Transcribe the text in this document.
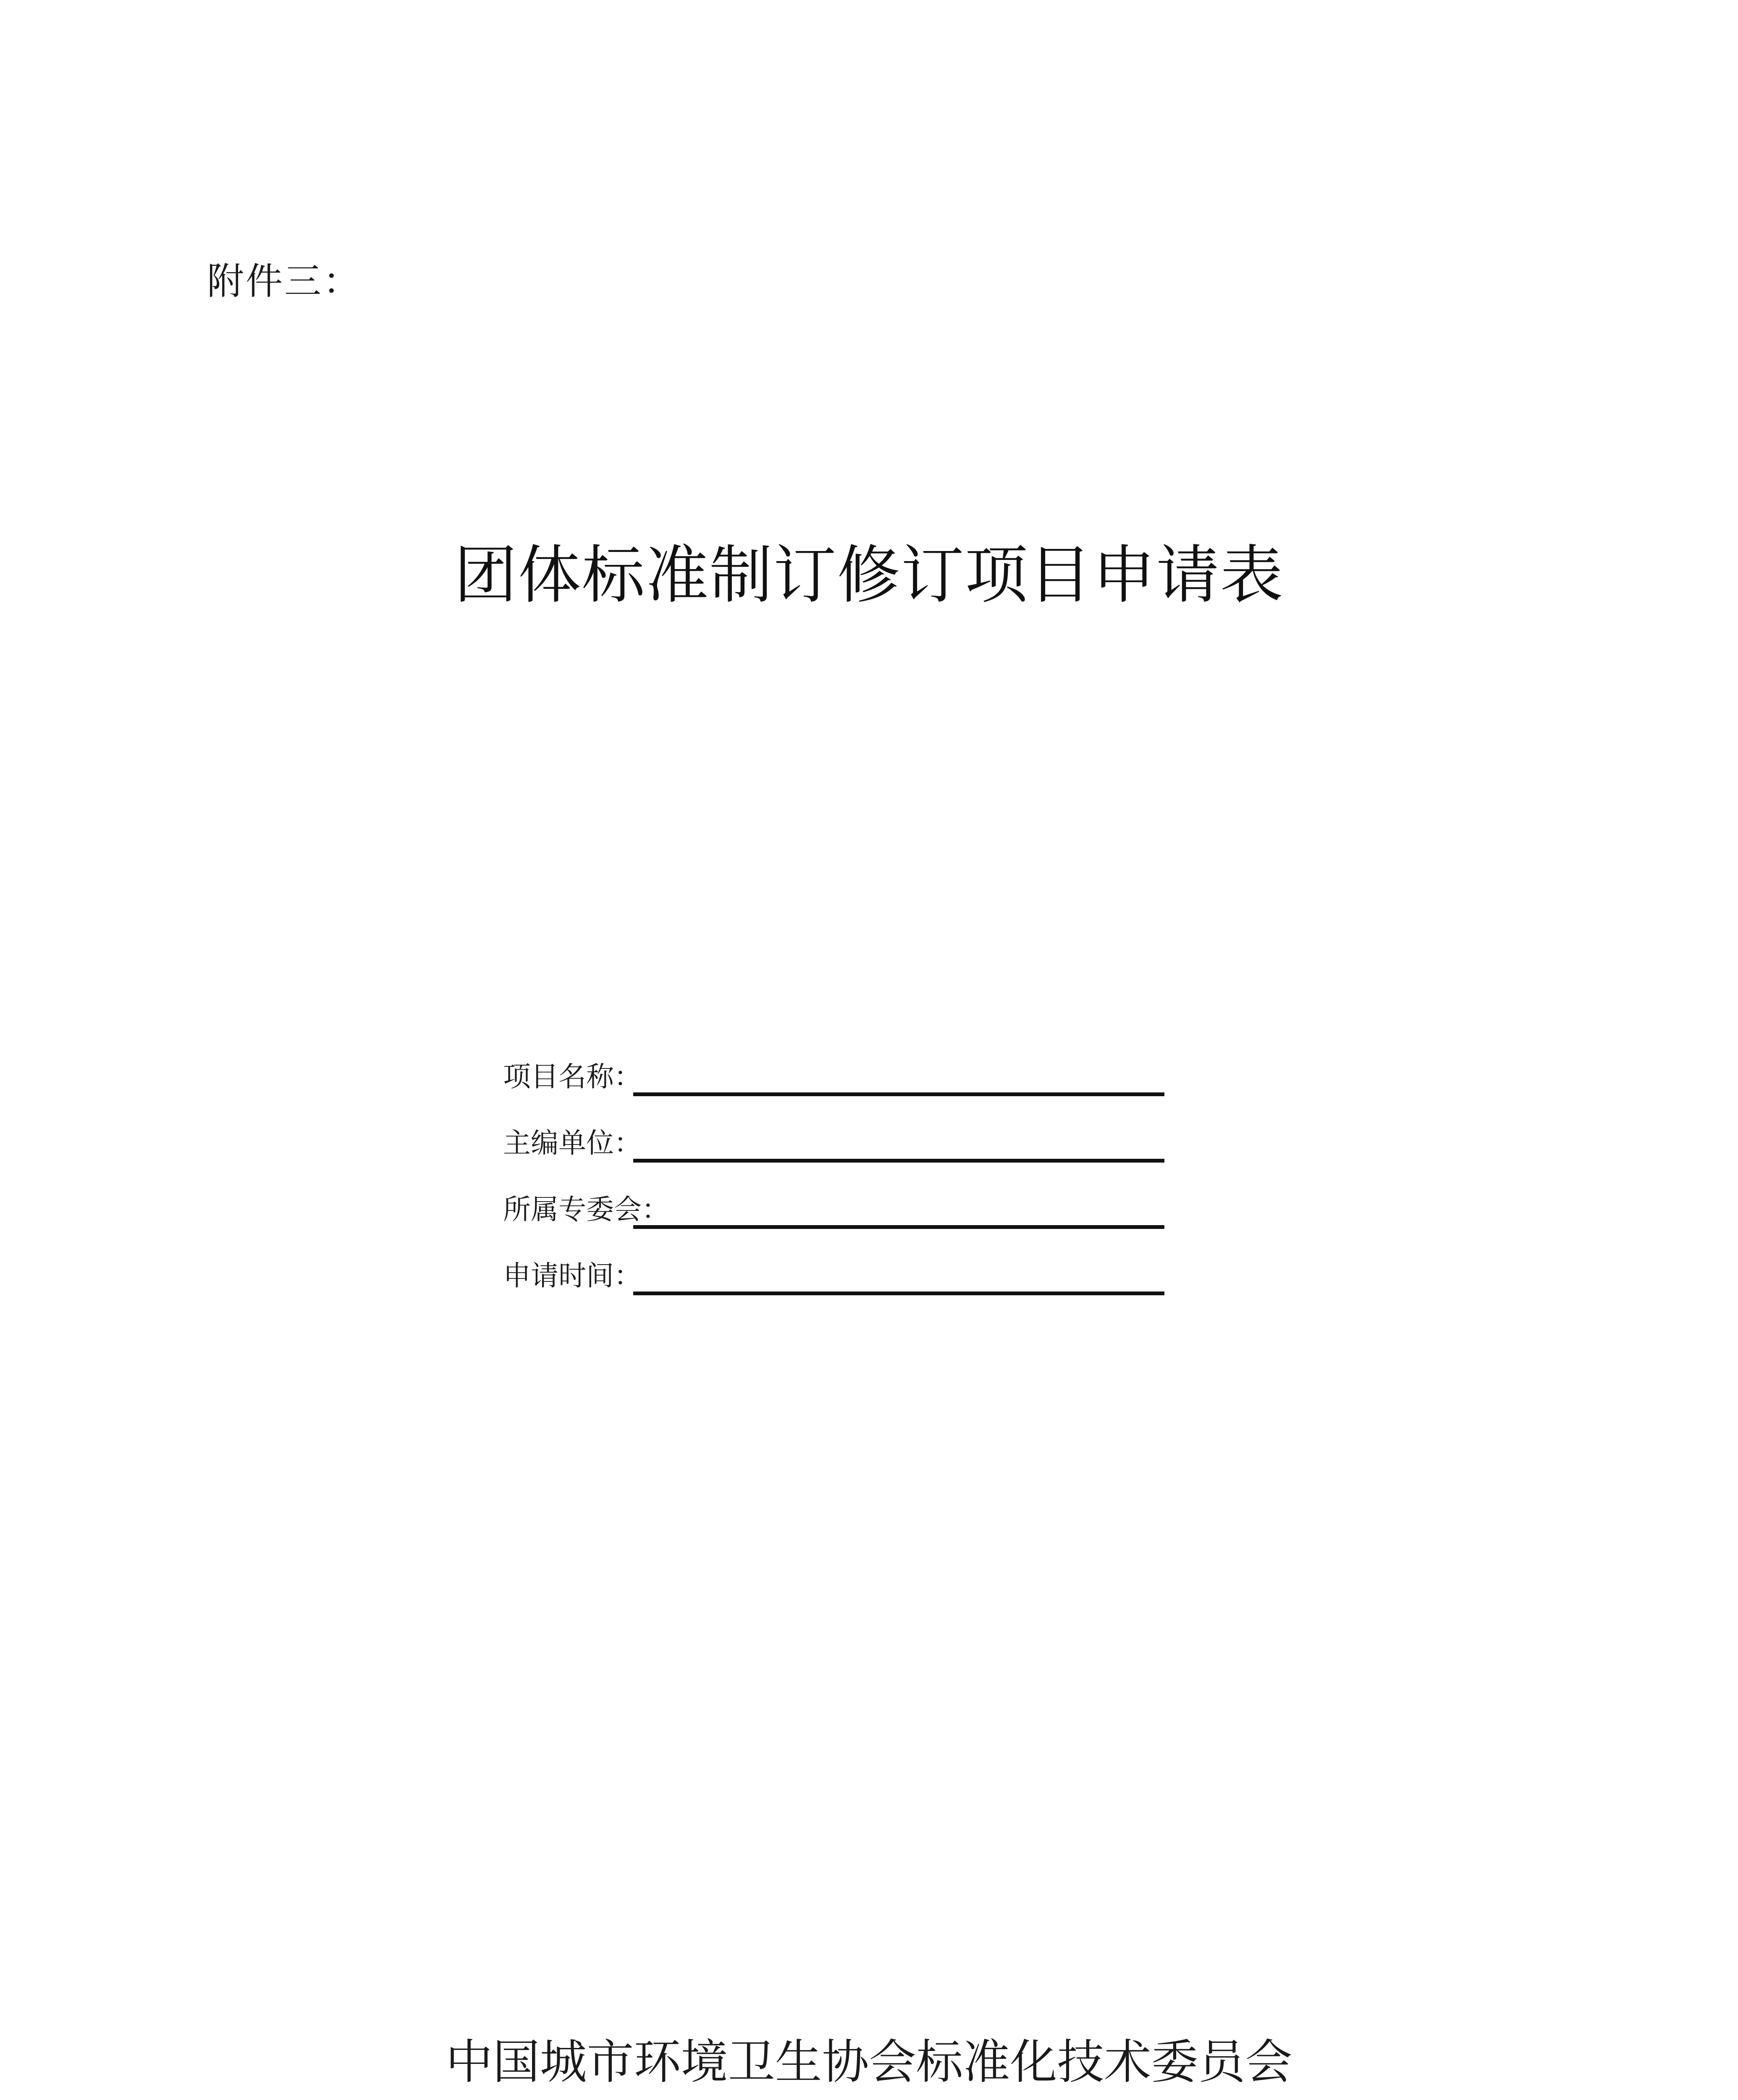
附件三：
团体标准制订修订项目申请表
项目名称：
主编单位：
所属专委会：
申请时间：
中国城市环境卫生协会标准化技术委员会
